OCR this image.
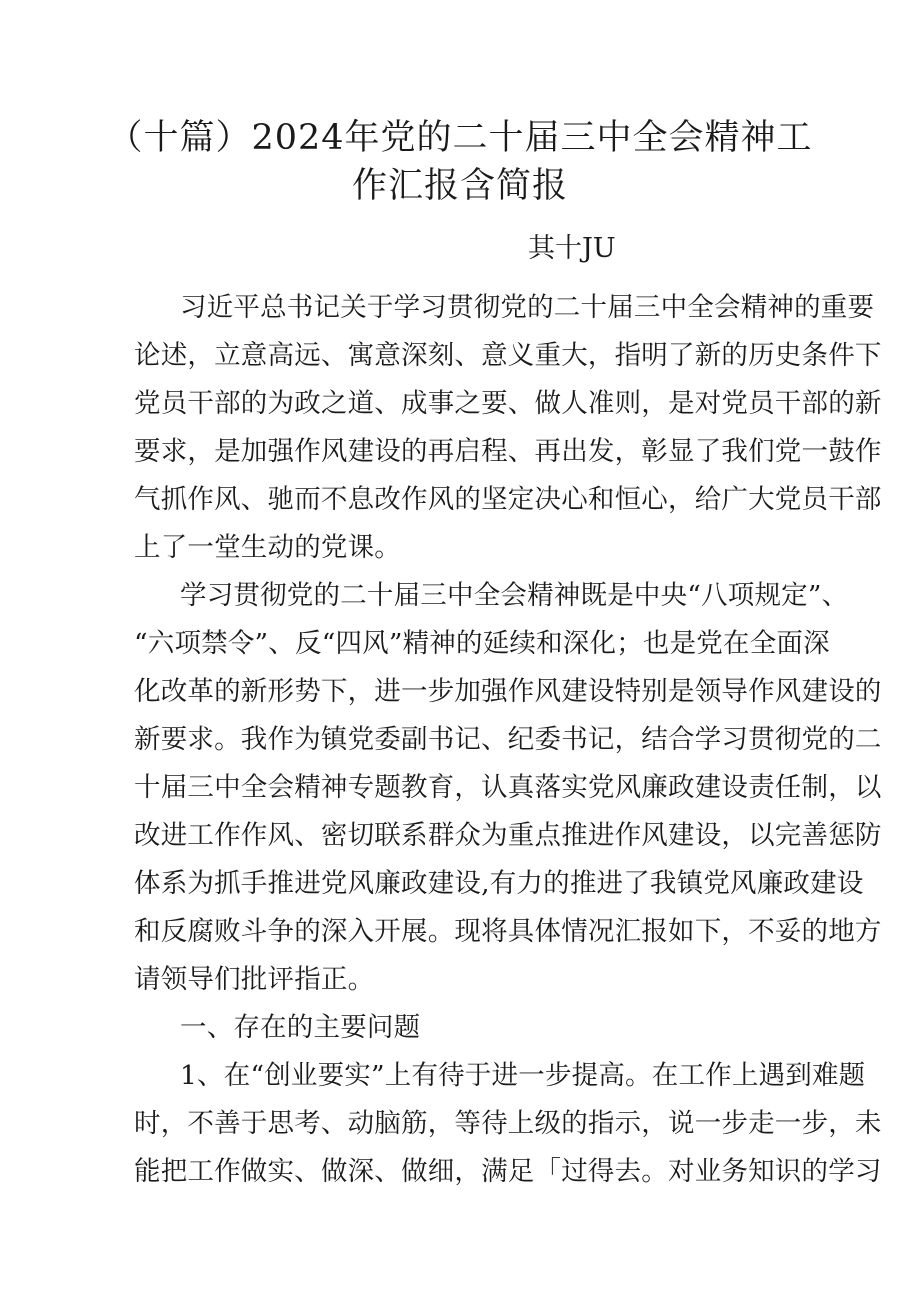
（十篇）2024年党的二十届三中全会精神工
作汇报含简报

其十JU

习近平总书记关于学习贯彻党的二十届三中全会精神的重要

论述，立意高远、寓意深刻、意义重大，指明了新的历史条件下

党员干部的为政之道、成事之要、做人准则，是对党员干部的新

要求，是加强作风建设的再启程、再出发，彰显了我们党一鼓作

气抓作风、驰而不息改作风的坚定决心和恒心，给广大党员干部

上了一堂生动的党课。

学习贯彻党的二十届三中全会精神既是中央“八项规定”、

“六项禁令”、反“四风”精神的延续和深化；也是党在全面深

化改革的新形势下，进一步加强作风建设特别是领导作风建设的

新要求。我作为镇党委副书记、纪委书记，结合学习贯彻党的二

十届三中全会精神专题教育，认真落实党风廉政建设责任制，以

改进工作作风、密切联系群众为重点推进作风建设，以完善惩防

体系为抓手推进党风廉政建设,有力的推进了我镇党风廉政建设

和反腐败斗争的深入开展。现将具体情况汇报如下，不妥的地方

请领导们批评指正。

一、存在的主要问题

1、在“创业要实”上有待于进一步提高。在工作上遇到难题

时，不善于思考、动脑筋，等待上级的指示，说一步走一步，未

能把工作做实、做深、做细，满足「过得去。对业务知识的学习
